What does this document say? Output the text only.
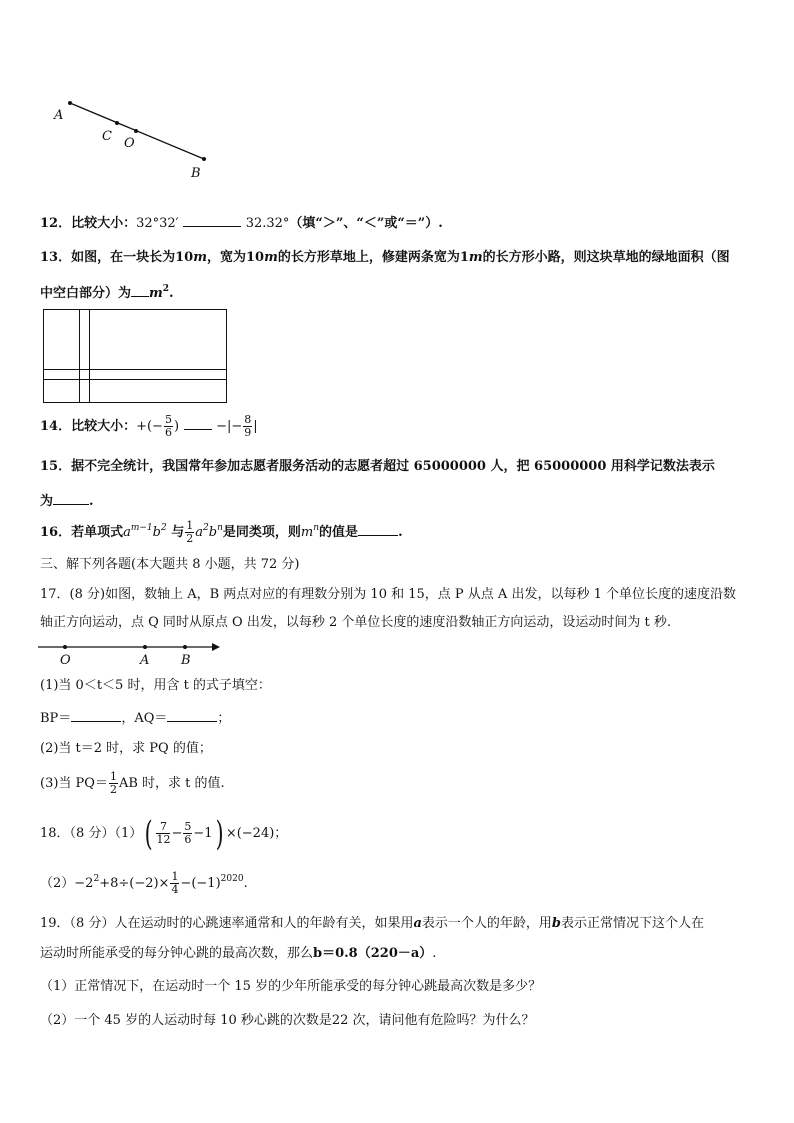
A
C O
B
12．比较大小：32°32′	32.32°（填“＞”、“＜”或“＝”）.
13．如图，在一块长为10m，宽为10m的长方形草地上，修建两条宽为1m的长方形小路，则这块草地的绿地面积（图
中空白部分）为 $m^2$.
14．比较大小：+(− $\frac{5}{6}$ )	−|− $\frac{8}{9}$ |
15．据不完全统计，我国常年参加志愿者服务活动的志愿者超过 65000000 人，把 65000000 用科学记数法表示
为	.
16．若单项式$a^{m-1}b^2$ 与 $\frac{1}{2} a^2b^n$是同类项，则$m^n$的值是	.
三、解下列各题(本大题共 8 小题，共 72 分)
17．(8 分)如图，数轴上 A，B 两点对应的有理数分别为 10 和 15，点 P 从点 A 出发，以每秒 1 个单位长度的速度沿数
轴正方向运动，点 Q 同时从原点 O 出发，以每秒 2 个单位长度的速度沿数轴正方向运动，设运动时间为 t 秒.
O	A B
(1)当 0＜t＜5 时，用含 t 的式子填空：
BP＝	，AQ＝	；
(2)当 t＝2 时，求 PQ 的值；
(3)当 $PQ= \frac{1}{2}$ AB 时，求 t 的值.
18．（8 分）$(1)( \frac{7}{12} - \frac{5}{6} -1) \times(-24)$；
$(2)-2^2+8\div(-2)\times \frac{1}{4} -(-1)^{2020}$.
19．（8 分）人在运动时的心跳速率通常和人的年龄有关，如果用a表示一个人的年龄，用b表示正常情况下这个人在
运动时所能承受的每分钟心跳的最高次数，那么b＝0.8（220－a）.
（1）正常情况下，在运动时一个 15 岁的少年所能承受的每分钟心跳最高次数是多少？
（2）一个 45 岁的人运动时每 10 秒心跳的次数是22 次，请问他有危险吗？为什么？
